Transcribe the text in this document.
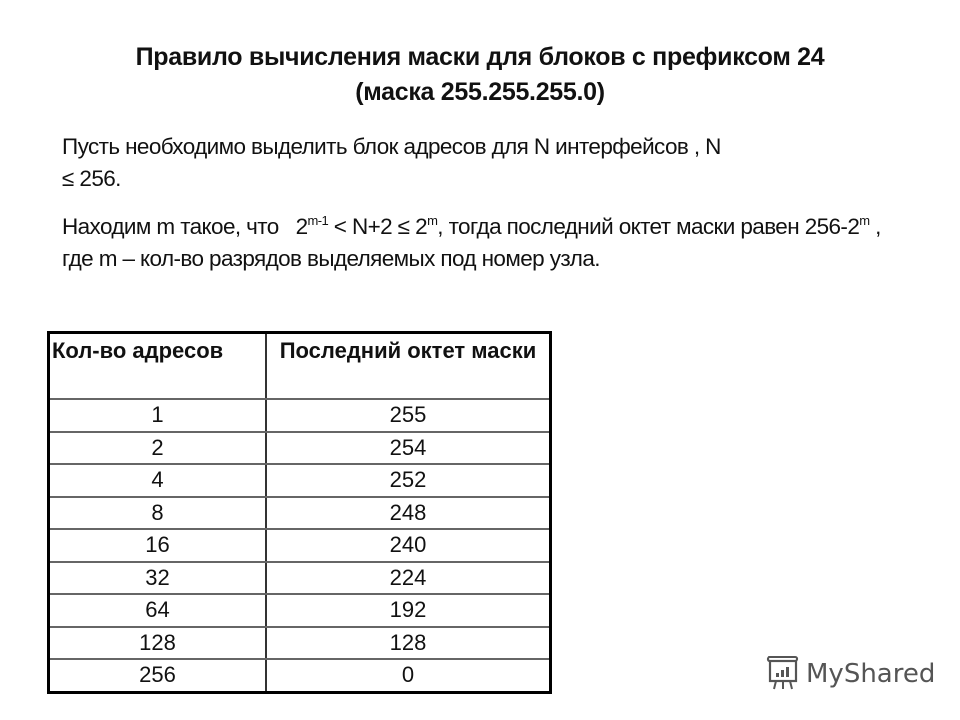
Правило вычисления маски для блоков с префиксом 24
(маска 255.255.255.0)
Пусть необходимо выделить блок адресов для N интерфейсов , N
≤ 256.
Находим m такое, что   $2^{m-1} < N+2 \le 2^m$, тогда последний октет маски равен 256-2$^m$ , где m – кол-во разрядов выделяемых под номер узла.
Кол-во адресов	Последний октет маски
1	255
2	254
4	252
8	248
16	240
32	224
64	192
128	128
256	0	MyShared
